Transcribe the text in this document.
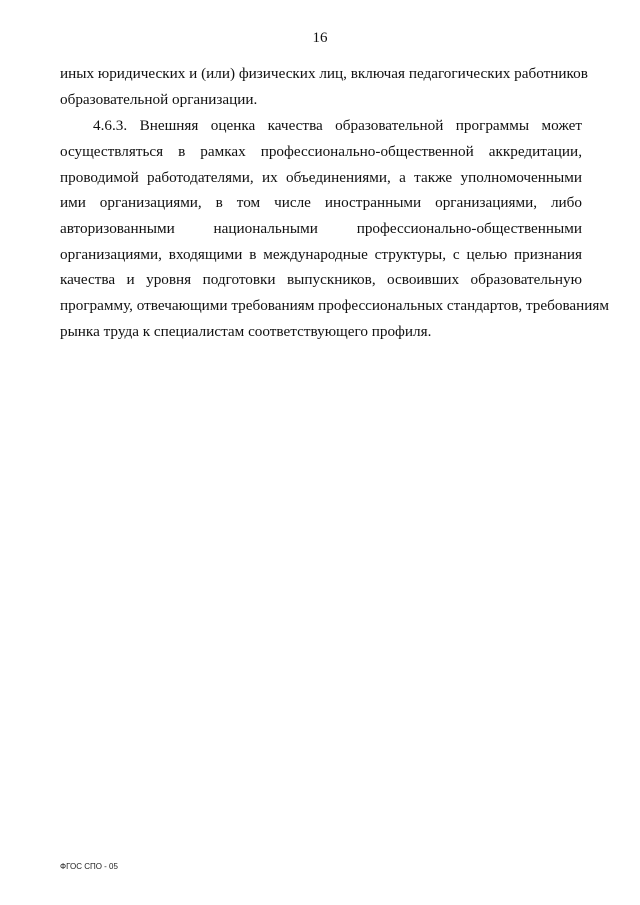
16
иных юридических и (или) физических лиц, включая педагогических работников
образовательной организации.
4.6.3. Внешняя оценка качества образовательной программы может
осуществляться в рамках профессионально-общественной аккредитации,
проводимой работодателями, их объединениями, а также уполномоченными
ими организациями, в том числе иностранными организациями, либо
авторизованными национальными профессионально-общественными
организациями, входящими в международные структуры, с целью признания
качества и уровня подготовки выпускников, освоивших образовательную
программу, отвечающими требованиям профессиональных стандартов, требованиям
рынка труда к специалистам соответствующего профиля.
ФГОС СПО - 05
